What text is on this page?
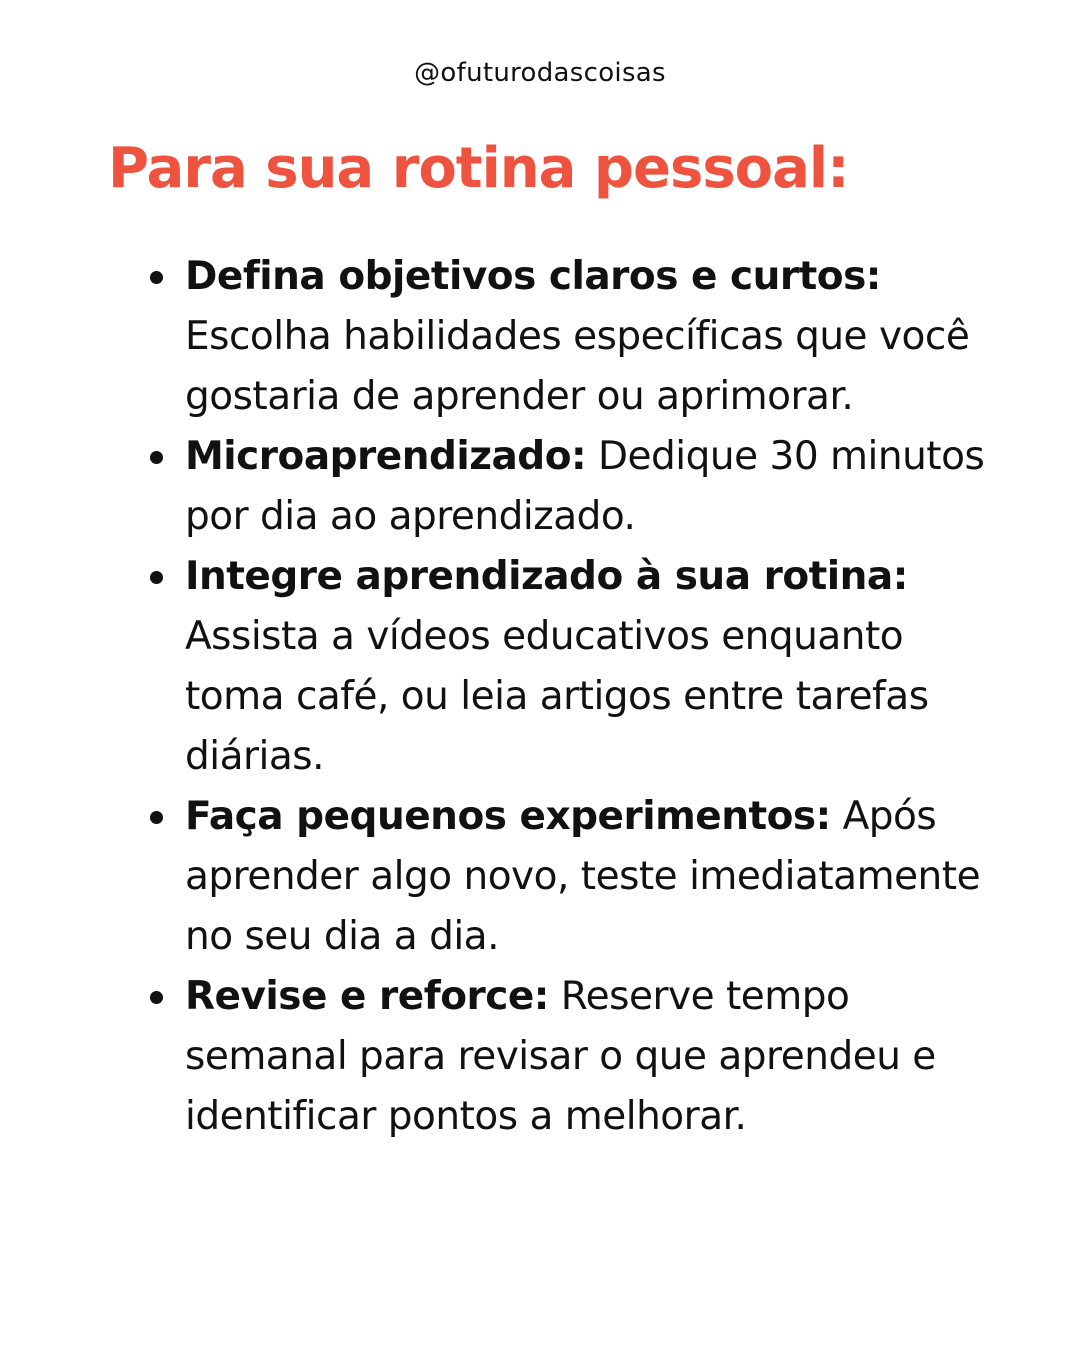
@ofuturodascoisas
Para sua rotina pessoal:
Defina objetivos claros e curtos: Escolha habilidades específicas que você gostaria de aprender ou aprimorar.
Microaprendizado: Dedique 30 minutos por dia ao aprendizado.
Integre aprendizado à sua rotina: Assista a vídeos educativos enquanto toma café, ou leia artigos entre tarefas diárias.
Faça pequenos experimentos: Após aprender algo novo, teste imediatamente no seu dia a dia.
Revise e reforce: Reserve tempo semanal para revisar o que aprendeu e identificar pontos a melhorar.
